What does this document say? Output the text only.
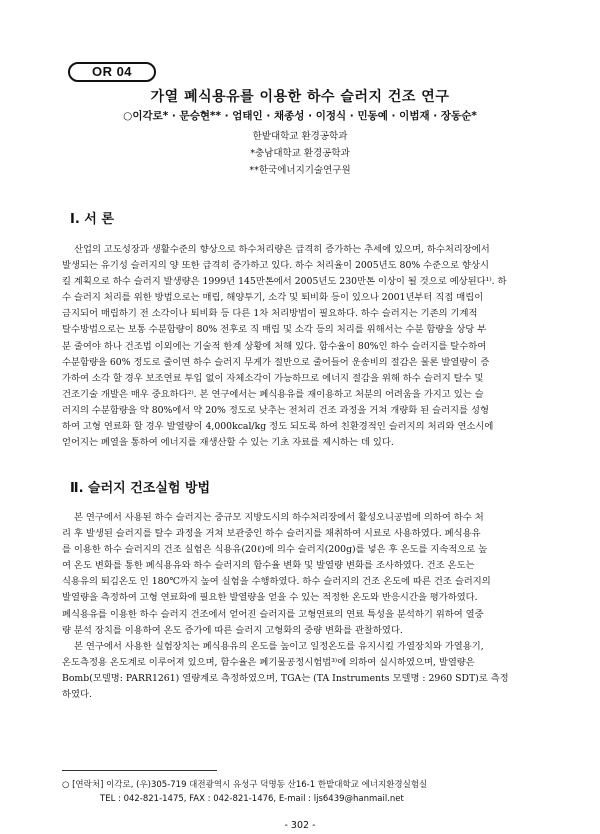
OR 04
가열 폐식용유를 이용한 하수 슬러지 건조 연구
○이각로* · 문승현** · 엄태인 · 채종성 · 이정식 · 민동예 · 이범재 · 장동순*
한밭대학교 환경공학과
*충남대학교 환경공학과
**한국에너지기술연구원
Ⅰ. 서 론
산업의 고도성장과 생활수준의 향상으로 하수처리량은 급격히 증가하는 추세에 있으며, 하수처리장에서
발생되는 유기성 슬러지의 양 또한 급격히 증가하고 있다. 하수 처리율이 2005년도 80% 수준으로 향상시
킬 계획으로 하수 슬러지 발생량은 1999년 145만톤에서 2005년도 230만톤 이상이 될 것으로 예상된다¹⁾. 하
수 슬러지 처리를 위한 방법으로는 매립, 해양투기, 소각 및 퇴비화 등이 있으나 2001년부터 직접 매립이
금지되어 매립하기 전 소각이나 퇴비화 등 다른 1차 처리방법이 필요하다. 하수 슬러지는 기존의 기계적
탈수방법으로는 보통 수분함량이 80% 전후로 직 매립 및 소각 등의 처리를 위해서는 수분 함량을 상당 부
분 줄여야 하나 건조법 이외에는 기술적 한계 상황에 처해 있다. 함수율이 80%인 하수 슬러지를 탈수하여
수분함량을 60% 정도로 줄이면 하수 슬러지 무게가 절반으로 줄어들어 운송비의 절감은 물론 발열량이 증
가하여 소각 할 경우 보조연료 투입 없이 자체소각이 가능하므로 에너지 절감을 위해 하수 슬러지 탈수 및
건조기술 개발은 매우 중요하다²⁾. 본 연구에서는 폐식용유를 재이용하고 처분의 어려움을 가지고 있는 슬
러지의 수분함량을 약 80%에서 약 20% 정도로 낮추는 전처리 건조 과정을 거쳐 개량화 된 슬러지를 성형
하여 고형 연료화 할 경우 발열량이 4,000kcal/kg 정도 되도록 하여 친환경적인 슬러지의 처리와 연소시에
얻어지는 폐열을 통하여 에너지를 재생산할 수 있는 기초 자료를 제시하는 데 있다.
Ⅱ. 슬러지 건조실험 방법
본 연구에서 사용된 하수 슬러지는 중규모 지방도시의 하수처리장에서 활성오니공법에 의하여 하수 처
리 후 발생된 슬러지를 탈수 과정을 거쳐 보관중인 하수 슬러지를 채취하여 시료로 사용하였다. 폐식용유
를 이용한 하수 슬러지의 건조 실험은 식용유(20ℓ)에 의수 슬러지(200g)를 넣은 후 온도를 지속적으로 높
여 온도 변화를 통한 폐식용유와 하수 슬러지의 함수율 변화 및 발열량 변화를 조사하였다. 건조 온도는
식용유의 퇴김온도 인 180℃까지 높여 실험을 수행하였다. 하수 슬러지의 건조 온도에 따른 건조 슬러지의
발열량을 측정하여 고형 연료화에 필요한 발열량을 얻을 수 있는 적정한 온도와 반응시간을 평가하였다.
폐식용유를 이용한 하수 슬러지 건조에서 얻어진 슬러지를 고형연료의 연료 특성을 분석하기 위하여 열중
량 분석 장치를 이용하여 온도 증가에 따른 슬러지 고형화의 중량 변화를 관찰하였다.
본 연구에서 사용한 실험장치는 폐식용유의 온도를 높이고 일정온도를 유지시킬 가열장치와 가열용기,
온도측정용 온도계로 이루어져 있으며, 함수율은 폐기물공정시험법³⁾에 의하여 실시하였으며, 발열량은
Bomb(모델명: PARR1261) 열량계로 측정하였으며, TGA는 (TA Instruments 모델명 : 2960 SDT)로 측정
하였다.
○ [연락처] 이각로, (우)305-719 대전광역시 유성구 덕명동 산16-1 한밭대학교 에너지환경실험실
TEL : 042-821-1475, FAX : 042-821-1476, E-mail : ljs6439@hanmail.net
- 302 -
